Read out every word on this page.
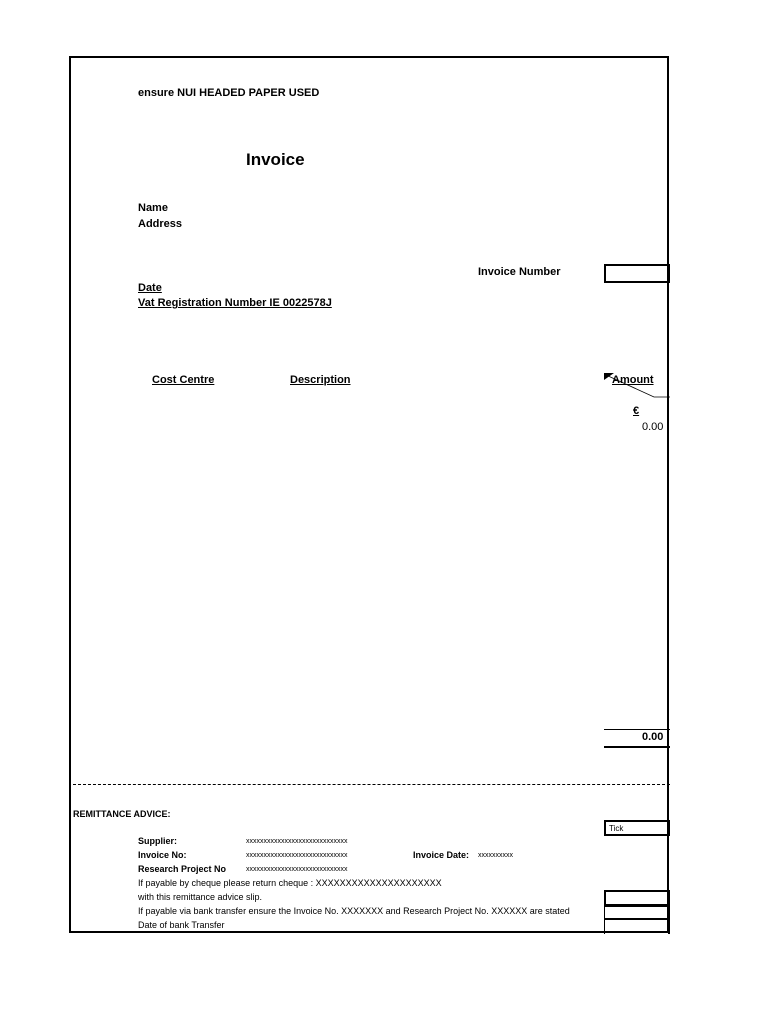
ensure NUI HEADED PAPER USED
Invoice
Name
Address
Invoice Number
Date
Vat Registration Number IE 0022578J
Cost Centre	Description	Amount
€
0.00
0.00
REMITTANCE ADVICE:
Tick
Supplier:	xxxxxxxxxxxxxxxxxxxxxxxxxxxxx
Invoice No:	xxxxxxxxxxxxxxxxxxxxxxxxxxxxx	Invoice Date: xxxxxxxxxx
Research Project No	xxxxxxxxxxxxxxxxxxxxxxxxxxxxx
If payable by cheque please return cheque : XXXXXXXXXXXXXXXXXXXXX
with this remittance advice slip.
If payable via bank transfer ensure the Invoice No. XXXXXXX and Research Project No. XXXXXX are stated
Date of bank Transfer
